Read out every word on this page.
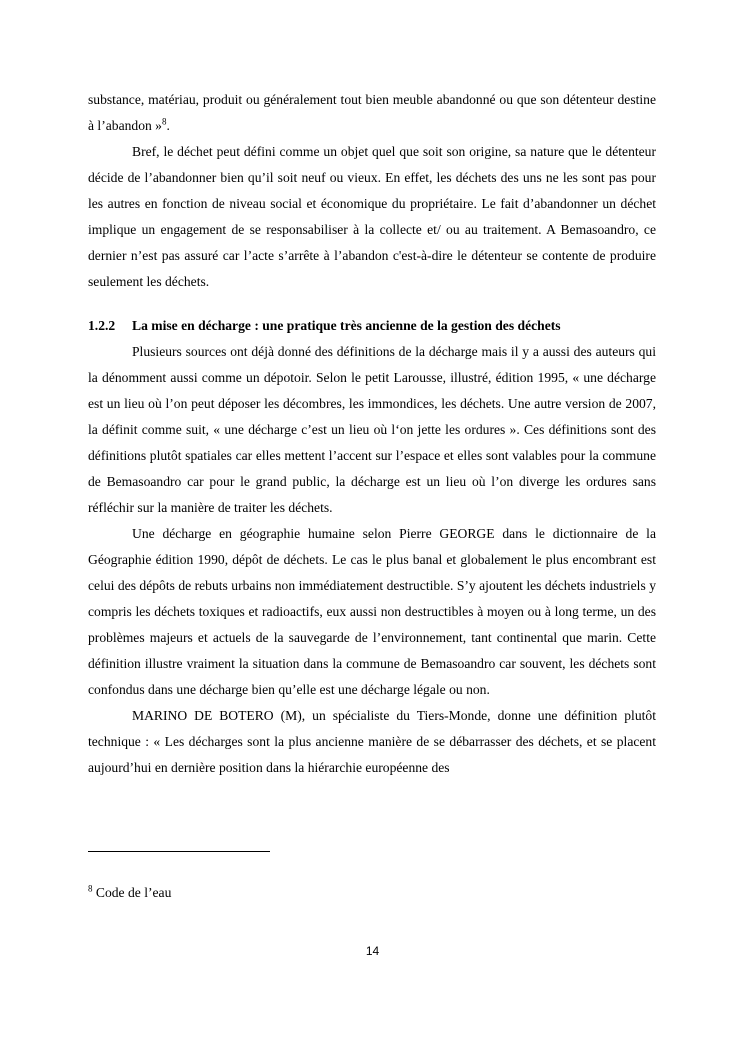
substance, matériau, produit ou généralement tout bien meuble abandonné ou que son détenteur destine à l’abandon »$^8$.

Bref, le déchet peut défini comme un objet quel que soit son origine, sa nature que le détenteur décide de l’abandonner bien qu’il soit neuf ou vieux. En effet, les déchets des uns ne les sont pas pour les autres en fonction de niveau social et économique du propriétaire. Le fait d’abandonner un déchet implique un engagement de se responsabiliser à la collecte et/ ou au traitement. A Bemasoandro, ce dernier n’est pas assuré car l’acte s’arrête à l’abandon c'est-à-dire le détenteur se contente de produire seulement les déchets.

1.2.2	La mise en décharge : une pratique très ancienne de la gestion des déchets

Plusieurs sources ont déjà donné des définitions de la décharge mais il y a aussi des auteurs qui la dénomment aussi comme un dépotoir. Selon le petit Larousse, illustré, édition 1995, « une décharge est un lieu où l’on peut déposer les décombres, les immondices, les déchets. Une autre version de 2007, la définit comme suit, « une décharge c’est un lieu où l‘on jette les ordures ». Ces définitions sont des définitions plutôt spatiales car elles mettent l’accent sur l’espace et elles sont valables pour la commune de Bemasoandro car pour le grand public, la décharge est un lieu où l’on diverge les ordures sans réfléchir sur la manière de traiter les déchets.

Une décharge en géographie humaine selon Pierre GEORGE dans le dictionnaire de la Géographie édition 1990, dépôt de déchets. Le cas le plus banal et globalement le plus encombrant est celui des dépôts de rebuts urbains non immédiatement destructible. S’y ajoutent les déchets industriels y compris les déchets toxiques et radioactifs, eux aussi non destructibles à moyen ou à long terme, un des problèmes majeurs et actuels de la sauvegarde de l’environnement, tant continental que marin. Cette définition illustre vraiment la situation dans la commune de Bemasoandro car souvent, les déchets sont confondus dans une décharge bien qu’elle est une décharge légale ou non.

MARINO DE BOTERO (M), un spécialiste du Tiers-Monde, donne une définition plutôt technique : « Les décharges sont la plus ancienne manière de se débarrasser des déchets, et se placent aujourd’hui en dernière position dans la hiérarchie européenne des

$^8$ Code de l’eau
14
